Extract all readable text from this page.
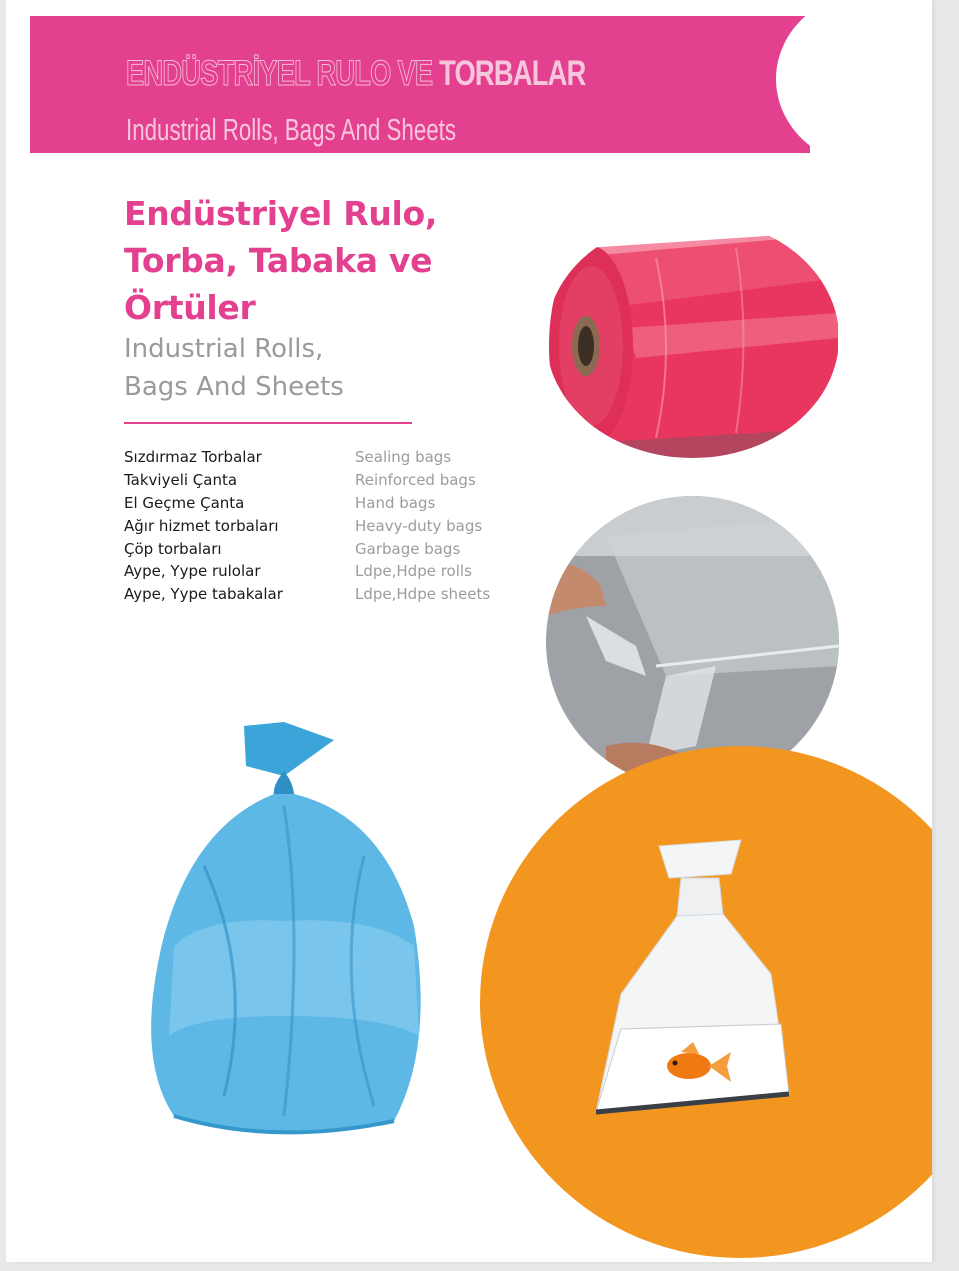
ENDÜSTRİYEL RULO VE TORBALAR
Industrial Rolls, Bags And Sheets
Endüstriyel Rulo,
Torba, Tabaka ve
Örtüler
Industrial Rolls,
Bags And Sheets
Sızdırmaz Torbalar	Sealing bags
Takviyeli Çanta	Reinforced bags
El Geçme Çanta	Hand bags
Ağır hizmet torbaları	Heavy-duty bags
Çöp torbaları	Garbage bags
Aype, Yype rulolar	Ldpe,Hdpe rolls
Aype, Yype tabakalar	Ldpe,Hdpe sheets
